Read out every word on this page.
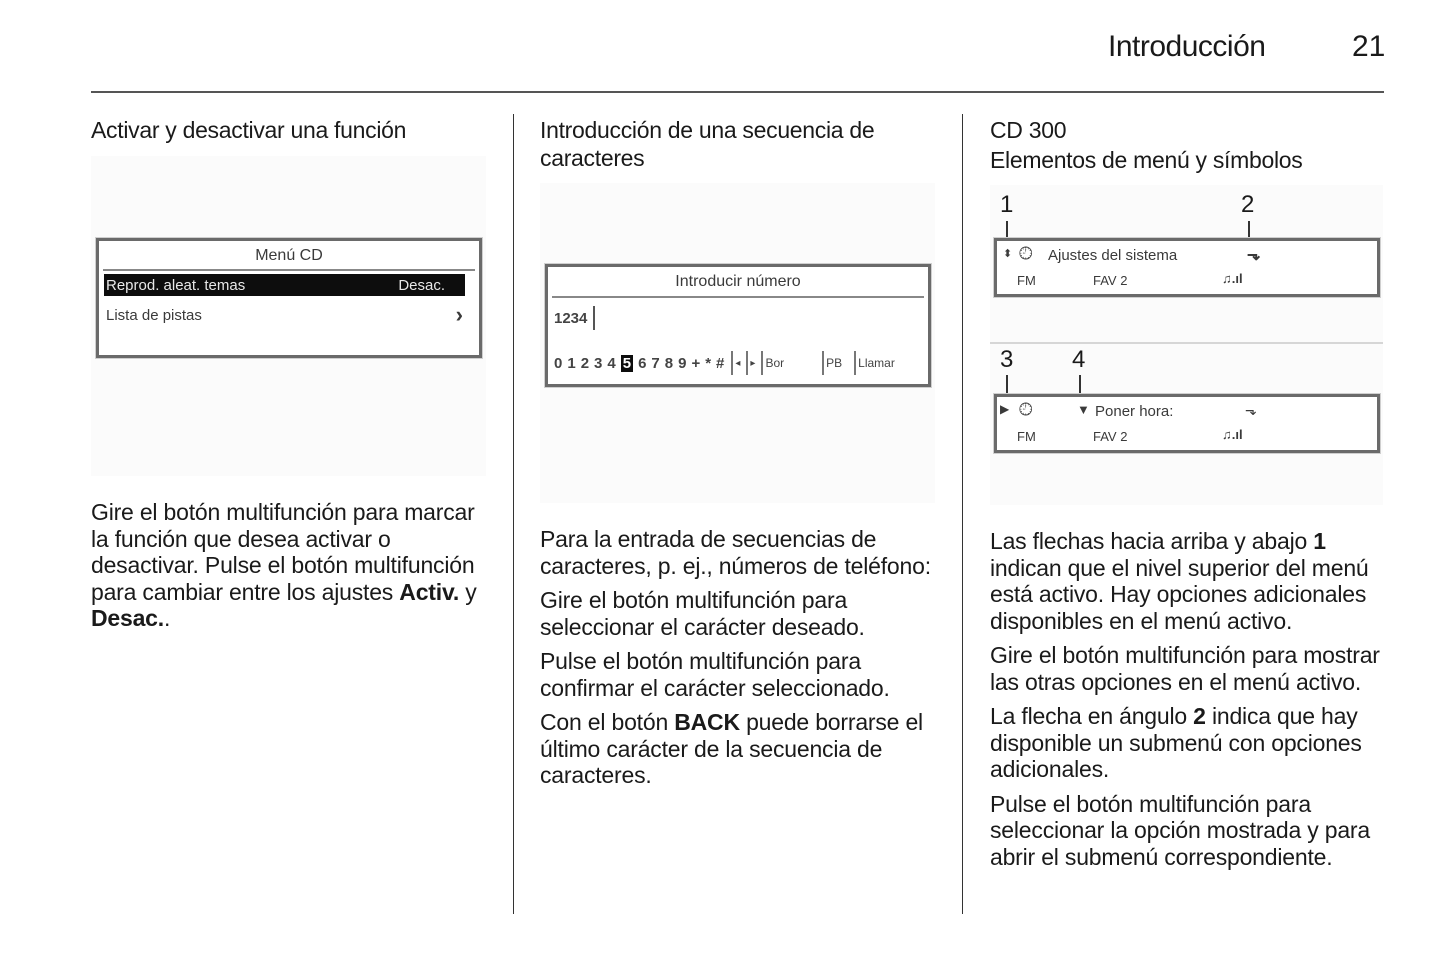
Introducción	21
Activar y desactivar una función
Menú CD
Reprod. aleat. temas	Desac.
Lista de pistas	›

Gire el botón multifunción para marcar la función que desea activar o desactivar. Pulse el botón multifunción para cambiar entre los ajustes Activ. y Desac..

Introducción de una secuencia de caracteres
Introducir número
1234
0 1 2 3 4 5 6 7 8 9 + * # ◂ ▸ Bor	PB Llamar

Para la entrada de secuencias de caracteres, p. ej., números de teléfono:

Gire el botón multifunción para seleccionar el carácter deseado.

Pulse el botón multifunción para confirmar el carácter seleccionado.

Con el botón BACK puede borrarse el último carácter de la secuencia de caracteres.

CD 300
Elementos de menú y símbolos
1	2
⬍ 🕘︎ Ajustes del sistema	⬎
FM	FAV 2	♫.ıl
3 4
▶ 🕘︎	▼ Poner hora:	⬎
FM	FAV 2	♫.ıl

Las flechas hacia arriba y abajo 1 indican que el nivel superior del menú está activo. Hay opciones adicionales disponibles en el menú activo.

Gire el botón multifunción para mostrar las otras opciones en el menú activo.

La flecha en ángulo 2 indica que hay disponible un submenú con opciones adicionales.

Pulse el botón multifunción para seleccionar la opción mostrada y para abrir el submenú correspondiente.
